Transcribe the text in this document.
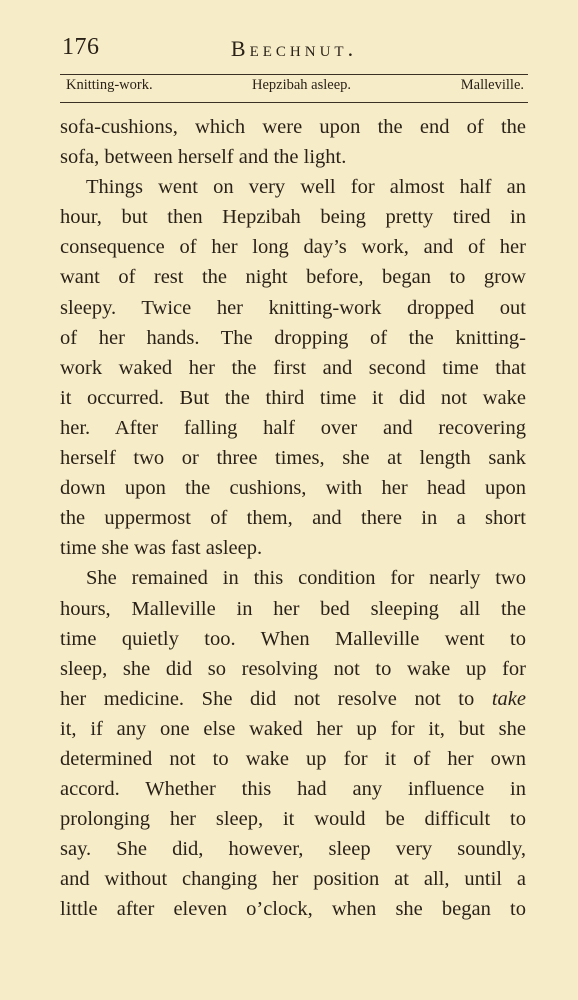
176	Beechnut.
Knitting-work.	Hepzibah asleep.	Malleville.
sofa-cushions, which were upon the end of the
sofa, between herself and the light.
Things went on very well for almost half an
hour, but then Hepzibah being pretty tired in
consequence of her long day’s work, and of her
want of rest the night before, began to grow
sleepy. Twice her knitting-work dropped out
of her hands. The dropping of the knitting-
work waked her the first and second time that
it occurred. But the third time it did not wake
her. After falling half over and recovering
herself two or three times, she at length sank
down upon the cushions, with her head upon
the uppermost of them, and there in a short
time she was fast asleep.
She remained in this condition for nearly two
hours, Malleville in her bed sleeping all the
time quietly too. When Malleville went to
sleep, she did so resolving not to wake up for
her medicine. She did not resolve not to take
it, if any one else waked her up for it, but she
determined not to wake up for it of her own
accord. Whether this had any influence in
prolonging her sleep, it would be difficult to
say. She did, however, sleep very soundly,
and without changing her position at all, until a
little after eleven o’clock, when she began to
